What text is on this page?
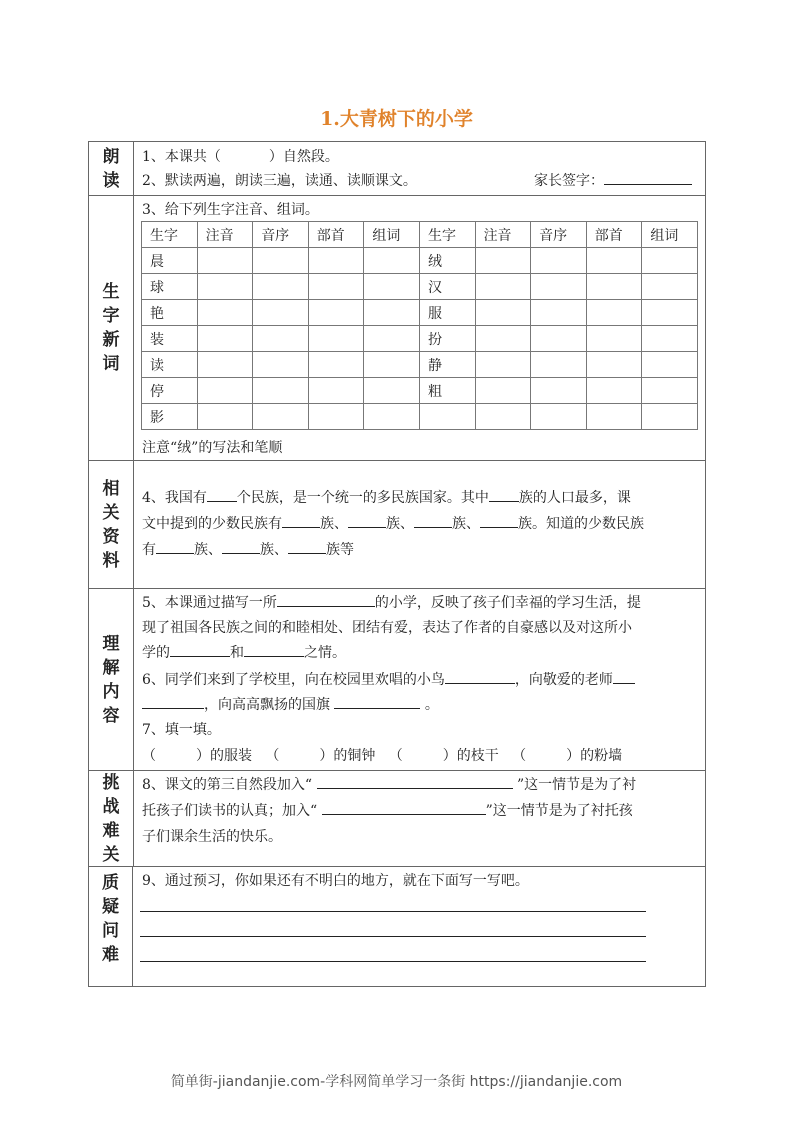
1.大青树下的小学
朗
读
1、本课共（	）自然段。
2、默读两遍，朗读三遍，读通、读顺课文。	家长签字：
生
字
新
词
3、给下列生字注音、组词。
生字	注音	音序	部首	组词	生字	注音	音序	部首	组词
晨					绒				
球					汉				
艳					服				
装					扮				
读					静				
停					粗				
影									
注意“绒”的写法和笔顺
相
关
资
料
4、我国有 个民族，是一个统一的多民族国家。其中 族的人口最多，课
文中提到的少数民族有	族、	族、	族、	族。知道的少数民族
有	族、	族、	族等
理
解
内
容
5、本课通过描写一所	的小学，反映了孩子们幸福的学习生活，提
现了祖国各民族之间的和睦相处、团结有爱，表达了作者的自豪感以及对这所小
学的	和	之情。
6、同学们来到了学校里，向在校园里欢唱的小鸟	，向敬爱的老师
，向高高飘扬的国旗	。
7、填一填。
（	）的服装 （	）的铜钟 （	）的枝干 （	）的粉墙
挑
战
难
关
8、课文的第三自然段加入“	”这一情节是为了衬
托孩子们读书的认真；加入“	”这一情节是为了衬托孩
子们课余生活的快乐。
质
疑
问
难
9、通过预习，你如果还有不明白的地方，就在下面写一写吧。
简单街-jiandanjie.com-学科网简单学习一条街 https://jiandanjie.com
